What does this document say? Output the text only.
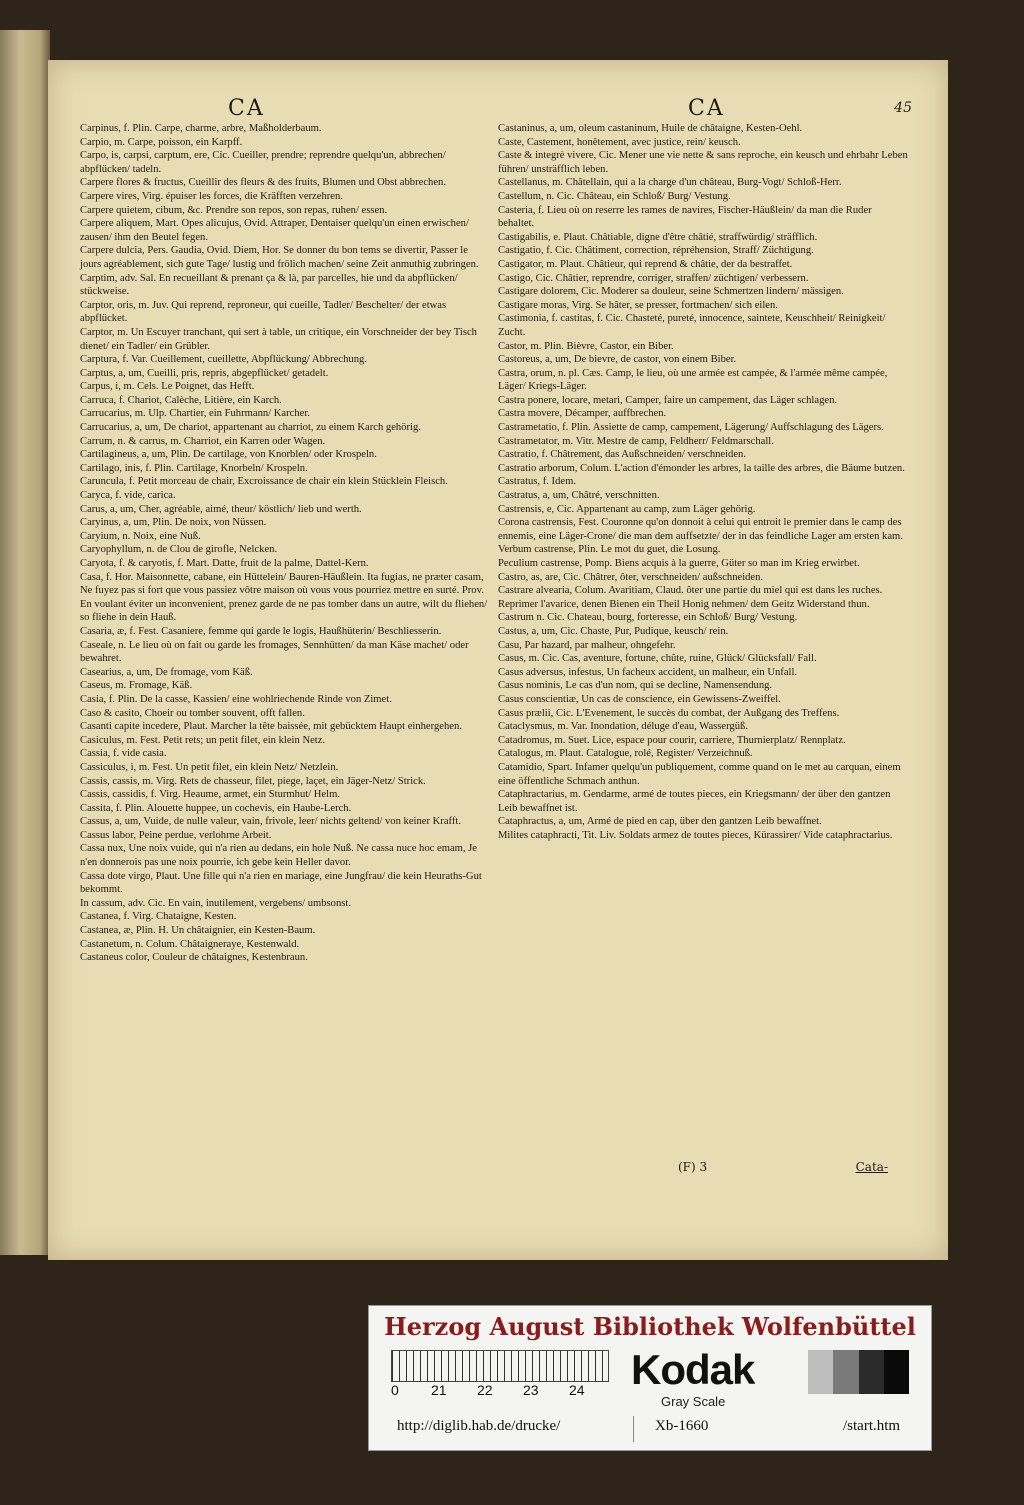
CA	CA	45

Carpinus, f. Plin. Carpe, charme, arbre, Maßholderbaum.

Carpio, m. Carpe, poisson, ein Karpff.

Carpo, is, carpsi, carptum, ere, Cic. Cueiller, prendre; reprendre quelqu'un, abbrechen/ abpflücken/ tadeln.

Carpere flores & fructus, Cueillir des fleurs & des fruits, Blumen und Obst abbrechen.

Carpere vires, Virg. épuiser les forces, die Kräfften verzehren.

Carpere quietem, cibum, &c. Prendre son repos, son repas, ruhen/ essen.

Carpere aliquem, Mart. Opes alicujus, Ovid. Attraper, Dentaiser quelqu'un einen erwischen/ zausen/ ihm den Beutel fegen.

Carpere dulcia, Pers. Gaudia, Ovid. Diem, Hor. Se donner du bon tems se divertir, Passer le jours agréablement, sich gute Tage/ lustig und frölich machen/ seine Zeit anmuthig zubringen.

Carptim, adv. Sal. En recueillant & prenant ça & là, par parcelles, hie und da abpflücken/ stückweise.

Carptor, oris, m. Juv. Qui reprend, reproneur, qui cueille, Tadler/ Beschelter/ der etwas abpflücket.

Carptor, m. Un Escuyer tranchant, qui sert à table, un critique, ein Vorschneider der bey Tisch dienet/ ein Tadler/ ein Grübler.

Carptura, f. Var. Cueillement, cueillette, Abpflückung/ Abbrechung.

Carptus, a, um, Cueilli, pris, repris, abgepflücket/ getadelt.

Carpus, i, m. Cels. Le Poignet, das Hefft.

Carruca, f. Chariot, Calèche, Litière, ein Karch.

Carrucarius, m. Ulp. Chartier, ein Fuhrmann/ Karcher.

Carrucarius, a, um, De chariot, appartenant au charriot, zu einem Karch gehörig.

Carrum, n. & carrus, m. Charriot, ein Karren oder Wagen.

Cartilagineus, a, um, Plin. De cartilage, von Knorblen/ oder Krospeln.

Cartilago, inis, f. Plin. Cartilage, Knorbeln/ Krospeln.

Caruncula, f. Petit morceau de chair, Excroissance de chair ein klein Stücklein Fleisch.

Caryca, f. vide, carica.

Carus, a, um, Cher, agréable, aimé, theur/ köstlich/ lieb und werth.

Caryinus, a, um, Plin. De noix, von Nüssen.

Caryium, n. Noix, eine Nuß.

Caryophyllum, n. de Clou de girofle, Nelcken.

Caryota, f. & caryotis, f. Mart. Datte, fruit de la palme, Dattel-Kern.

Casa, f. Hor. Maisonnette, cabane, ein Hüttelein/ Bauren-Häußlein. Ita fugias, ne præter casam, Ne fuyez pas si fort que vous passiez vôtre maison où vous vous pourriez mettre en surté. Prov. En voulant éviter un inconvenient, prenez garde de ne pas tomber dans un autre, wilt du fliehen/ so fliehe in dein Hauß.

Casaria, æ, f. Fest. Casaniere, femme qui garde le logis, Haußhüterin/ Beschliesserin.

Caseale, n. Le lieu où on fait ou garde les fromages, Sennhütten/ da man Käse machet/ oder bewahret.

Casearius, a, um, De fromage, vom Käß.

Caseus, m. Fromage, Käß.

Casia, f. Plin. De la casse, Kassien/ eine wohlriechende Rinde von Zimet.

Caso & casito, Choeir ou tomber souvent, offt fallen.

Casanti capite incedere, Plaut. Marcher la tête baissée, mit gebücktem Haupt einhergehen.

Casiculus, m. Fest. Petit rets; un petit filet, ein klein Netz.

Cassia, f. vide casia.

Cassiculus, i, m. Fest. Un petit filet, ein klein Netz/ Netzlein.

Cassis, cassis, m. Virg. Rets de chasseur, filet, piege, laçet, ein Jäger-Netz/ Strick.

Cassis, cassidis, f. Virg. Heaume, armet, ein Sturmhut/ Helm.

Cassita, f. Plin. Alouette huppee, un cochevis, ein Haube-Lerch.

Cassus, a, um, Vuide, de nulle valeur, vain, frivole, leer/ nichts geltend/ von keiner Krafft.

Cassus labor, Peine perdue, verlohrne Arbeit.

Cassa nux, Une noix vuide, qui n'a rien au dedans, ein hole Nuß. Ne cassa nuce hoc emam, Je n'en donnerois pas une noix pourrie, ich gebe kein Heller davor.

Cassa dote virgo, Plaut. Une fille qui n'a rien en mariage, eine Jungfrau/ die kein Heuraths-Gut bekommt.

In cassum, adv. Cic. En vain, inutilement, vergebens/ umbsonst.

Castanea, f. Virg. Chataigne, Kesten.

Castanea, æ, Plin. H. Un châtaignier, ein Kesten-Baum.

Castanetum, n. Colum. Châtaigneraye, Kestenwald.

Castaneus color, Couleur de châtaignes, Kestenbraun.

Castaninus, a, um, oleum castaninum, Huile de châtaigne, Kesten-Oehl.

Caste, Castement, honêtement, avec justice, rein/ keusch.

Caste & integrè vivere, Cic. Mener une vie nette & sans reproche, ein keusch und ehrbahr Leben führen/ unsträfflich leben.

Castellanus, m. Châtellain, qui a la charge d'un château, Burg-Vogt/ Schloß-Herr.

Castellum, n. Cic. Château, ein Schloß/ Burg/ Vestung.

Casteria, f. Lieu où on reserre les rames de navires, Fischer-Häußlein/ da man die Ruder behaltet.

Castigabilis, e. Plaut. Châtiable, digne d'être châtié, straffwürdig/ sträfflich.

Castigatio, f. Cic. Châtiment, correction, répréhension, Straff/ Züchtigung.

Castigator, m. Plaut. Châtieur, qui reprend & châtie, der da bestraffet.

Castigo, Cic. Châtier, reprendre, corriger, straffen/ züchtigen/ verbessern.

Castigare dolorem, Cic. Moderer sa douleur, seine Schmertzen lindern/ mässigen.

Castigare moras, Virg. Se hâter, se presser, fortmachen/ sich eilen.

Castimonia, f. castitas, f. Cic. Chasteté, pureté, innocence, saintete, Keuschheit/ Reinigkeit/ Zucht.

Castor, m. Plin. Bièvre, Castor, ein Biber.

Castoreus, a, um, De bievre, de castor, von einem Biber.

Castra, orum, n. pl. Cæs. Camp, le lieu, où une armée est campée, & l'armée même campée, Läger/ Kriegs-Läger.

Castra ponere, locare, metari, Camper, faire un campement, das Läger schlagen.

Castra movere, Décamper, auffbrechen.

Castrametatio, f. Plin. Assiette de camp, campement, Lägerung/ Auffschlagung des Lägers.

Castrametator, m. Vitr. Mestre de camp, Feldherr/ Feldmarschall.

Castratio, f. Châtrement, das Außschneiden/ verschneiden.

Castratio arborum, Colum. L'action d'émonder les arbres, la taille des arbres, die Bäume butzen.

Castratus, f. Idem.

Castratus, a, um, Châtré, verschnitten.

Castrensis, e, Cic. Appartenant au camp, zum Läger gehörig.

Corona castrensis, Fest. Couronne qu'on donnoit à celui qui entroit le premier dans le camp des ennemis, eine Läger-Crone/ die man dem auffsetzte/ der in das feindliche Lager am ersten kam. Verbum castrense, Plin. Le mot du guet, die Losung.

Peculium castrense, Pomp. Biens acquis à la guerre, Güter so man im Krieg erwirbet.

Castro, as, are, Cic. Châtrer, ôter, verschneiden/ außschneiden.

Castrare alvearia, Colum. Avaritiam, Claud. ôter une partie du miel qui est dans les ruches. Reprimer l'avarice, denen Bienen ein Theil Honig nehmen/ dem Geitz Widerstand thun.

Castrum n. Cic. Chateau, bourg, forteresse, ein Schloß/ Burg/ Vestung.

Castus, a, um, Cic. Chaste, Pur, Pudique, keusch/ rein.

Casu, Par hazard, par malheur, ohngefehr.

Casus, m. Cic. Cas, aventure, fortune, chûte, ruine, Glück/ Glücksfall/ Fall.

Casus adversus, infestus, Un facheux accident, un malheur, ein Unfall.

Casus nominis, Le cas d'un nom, qui se decline, Namensendung.

Casus conscientiæ, Un cas de conscience, ein Gewissens-Zweiffel.

Casus prælii, Cic. L'Evenement, le succès du combat, der Außgang des Treffens.

Cataclysmus, m. Var. Inondation, déluge d'eau, Wassergüß.

Catadromus, m. Suet. Lice, espace pour courir, carriere, Thurnierplatz/ Rennplatz.

Catalogus, m. Plaut. Catalogue, rolé, Register/ Verzeichnuß.

Catamidio, Spart. Infamer quelqu'un publiquement, comme quand on le met au carquan, einem eine öffentliche Schmach anthun.

Cataphractarius, m. Gendarme, armé de toutes pieces, ein Kriegsmann/ der über den gantzen Leib bewaffnet ist.

Cataphractus, a, um, Armé de pied en cap, über den gantzen Leib bewaffnet.

Milites cataphracti, Tit. Liv. Soldats armez de toutes pieces, Kürassirer/ Vide cataphractarius.

(F) 3	Cata-
Herzog August Bibliothek Wolfenbüttel
0 21 22 23 24 Kodak
Gray Scale
http://diglib.hab.de/drucke/	Xb-1660	/start.htm
